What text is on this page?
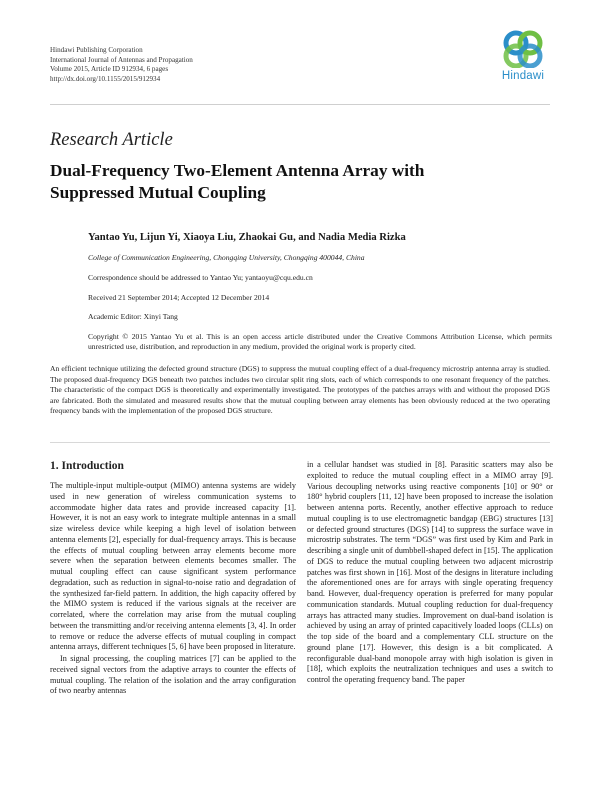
Hindawi Publishing Corporation
International Journal of Antennas and Propagation
Volume 2015, Article ID 912934, 6 pages
http://dx.doi.org/10.1155/2015/912934	Hindawi
Research Article
Dual-Frequency Two-Element Antenna Array with
Suppressed Mutual Coupling
Yantao Yu, Lijun Yi, Xiaoya Liu, Zhaokai Gu, and Nadia Media Rizka
College of Communication Engineering, Chongqing University, Chongqing 400044, China
Correspondence should be addressed to Yantao Yu; yantaoyu@cqu.edu.cn
Received 21 September 2014; Accepted 12 December 2014
Academic Editor: Xinyi Tang
Copyright © 2015 Yantao Yu et al. This is an open access article distributed under the Creative Commons Attribution License, which permits unrestricted use, distribution, and reproduction in any medium, provided the original work is properly cited.
An efficient technique utilizing the defected ground structure (DGS) to suppress the mutual coupling effect of a dual-frequency microstrip antenna array is studied. The proposed dual-frequency DGS beneath two patches includes two circular split ring slots, each of which corresponds to one resonant frequency of the patches. The characteristic of the compact DGS is theoretically and experimentally investigated. The prototypes of the patches arrays with and without the proposed DGS are fabricated. Both the simulated and measured results show that the mutual coupling between array elements has been obviously reduced at the two operating frequency bands with the implementation of the proposed DGS structure.
1. Introduction

The multiple-input multiple-output (MIMO) antenna systems are widely used in new generation of wireless communication systems to accommodate higher data rates and provide increased capacity [1]. However, it is not an easy work to integrate multiple antennas in a small size wireless device while keeping a high level of isolation between antenna elements [2], especially for dual-frequency arrays. This is because the effects of mutual coupling between array elements become more severe when the separation between elements becomes smaller. The mutual coupling effect can cause significant system performance degradation, such as reduction in signal-to-noise ratio and degradation of the synthesized far-field pattern. In addition, the high capacity offered by the MIMO system is reduced if the various signals at the receiver are correlated, where the correlation may arise from the mutual coupling between the transmitting and/or receiving antenna elements [3, 4]. In order to remove or reduce the adverse effects of mutual coupling in compact antenna arrays, different techniques [5, 6] have been proposed in literature.

In signal processing, the coupling matrices [7] can be applied to the received signal vectors from the adaptive arrays to counter the effects of mutual coupling. The relation of the isolation and the array configuration of two nearby antennas

in a cellular handset was studied in [8]. Parasitic scatters may also be exploited to reduce the mutual coupling effect in a MIMO array [9]. Various decoupling networks using reactive components [10] or 90° or 180° hybrid couplers [11, 12] have been proposed to increase the isolation between antenna ports. Recently, another effective approach to reduce mutual coupling is to use electromagnetic bandgap (EBG) structures [13] or defected ground structures (DGS) [14] to suppress the surface wave in microstrip substrates. The term “DGS” was first used by Kim and Park in describing a single unit of dumbbell-shaped defect in [15]. The application of DGS to reduce the mutual coupling between two adjacent microstrip patches was first shown in [16]. Most of the designs in literature including the aforementioned ones are for arrays with single operating frequency band. However, dual-frequency operation is preferred for many popular communication standards. Mutual coupling reduction for dual-frequency arrays has attracted many studies. Improvement on dual-band isolation is achieved by using an array of printed capacitively loaded loops (CLLs) on the top side of the board and a complementary CLL structure on the ground plane [17]. However, this design is a bit complicated. A reconfigurable dual-band monopole array with high isolation is given in [18], which exploits the neutralization techniques and uses a switch to control the operating frequency band. The paper
